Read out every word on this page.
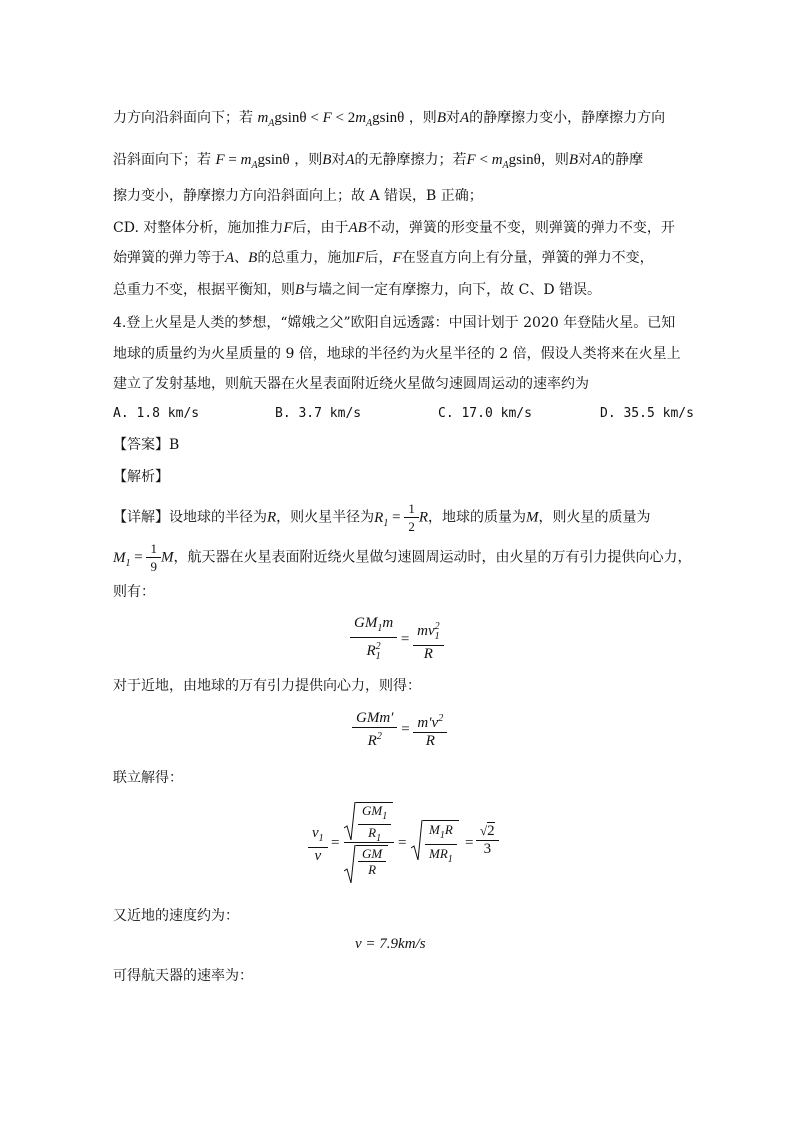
力方向沿斜面向下；若 $m_Agsin\theta < F < 2m_Agsin\theta$ ，则B对A的静摩擦力变小，静摩擦力方向
沿斜面向下；若 $F = m_Agsin\theta$ ，则B对A的无静摩擦力；若$F < m_Agsin\theta$，则B对A的静摩
擦力变小，静摩擦力方向沿斜面向上；故 A 错误，B 正确；
CD. 对整体分析，施加推力F后，由于AB不动，弹簧的形变量不变，则弹簧的弹力不变，开
始弹簧的弹力等于A、B的总重力，施加F后，F在竖直方向上有分量，弹簧的弹力不变，
总重力不变，根据平衡知，则B与墙之间一定有摩擦力，向下，故 C、D 错误。
4.登上火星是人类的梦想，“嫦娥之父”欧阳自远透露：中国计划于 2020 年登陆火星。已知
地球的质量约为火星质量的 9 倍，地球的半径约为火星半径的 2 倍，假设人类将来在火星上
建立了发射基地，则航天器在火星表面附近绕火星做匀速圆周运动的速率约为
A. 1.8 km/s	B. 3.7 km/s	C. 17.0 km/s	D. 35.5 km/s
【答案】B
【解析】
【详解】设地球的半径为R，则火星半径为$R_1 = \frac{1}{2}$ R，地球的质量为M，则火星的质量为
$M_1 = \frac{1}{9}$ M，航天器在火星表面附近绕火星做匀速圆周运动时，由火星的万有引力提供向心力，
则有：
$\frac{GM_1m}{R_1^2} = \frac{mv_1^2}{R}$
对于近地，由地球的万有引力提供向心力，则得：
$\frac{\text{GMm′}}{R^2} = \frac{m'v^2}{R}$
联立解得：
$\frac{v_1}{v} = \frac{GM_1}{R_1}$
$\frac{GM}{R}$
= $\frac{M_1R}{MR_1} = \frac{√2}{3}$
又近地的速度约为：
v = 7.9km/s
可得航天器的速率为：
